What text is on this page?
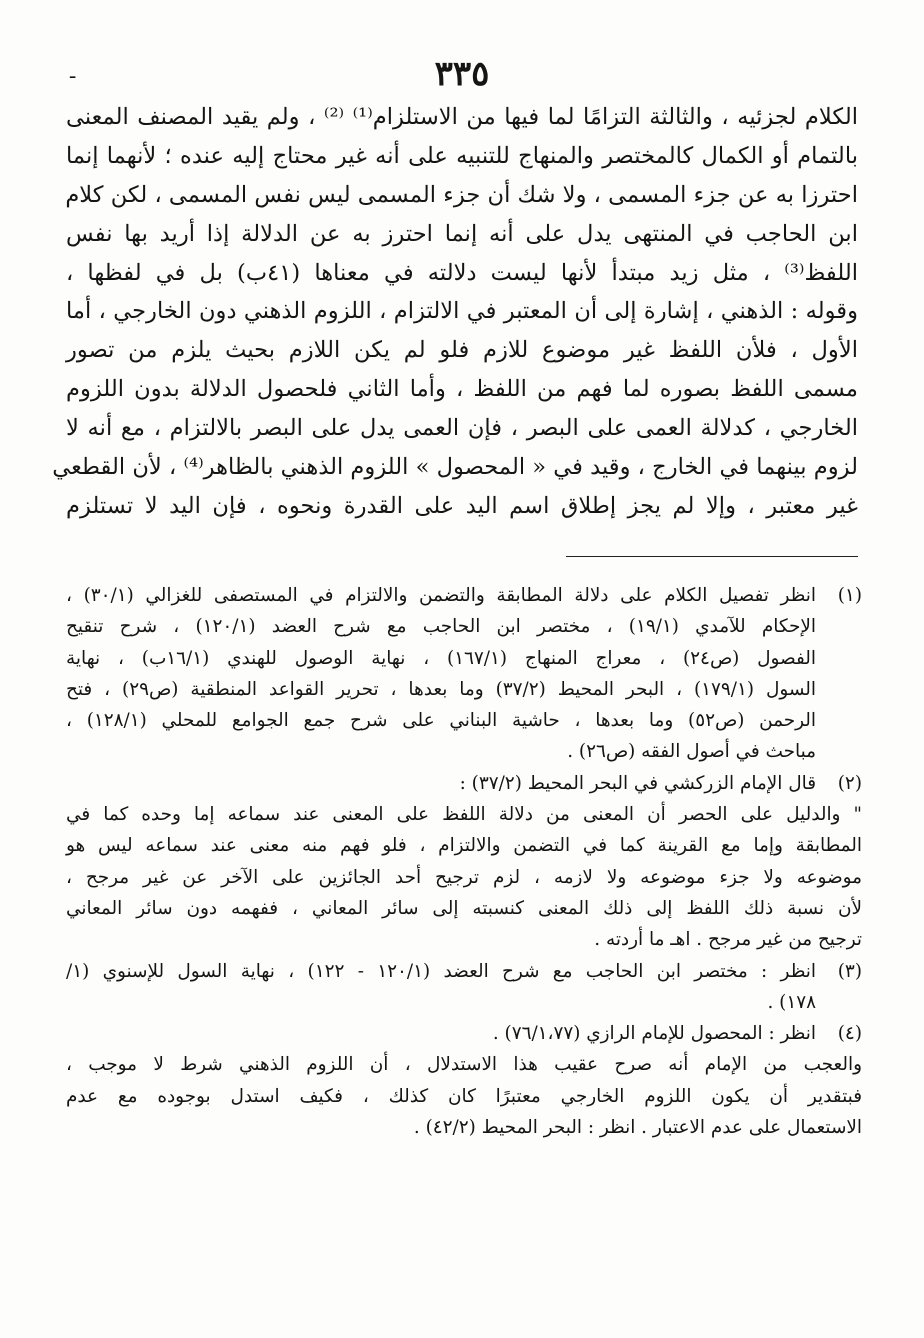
ـ	٣٣٥
الكلام لجزئيه ، والثالثة التزامًا لما فيها من الاستلزام⁽¹⁾ ⁽²⁾ ، ولم يقيد المصنف المعنى
بالتمام أو الكمال كالمختصر والمنهاج للتنبيه على أنه غير محتاج إليه عنده ؛ لأنهما إنما
احترزا به عن جزء المسمى ، ولا شك أن جزء المسمى ليس نفس المسمى ، لكن كلام
ابن الحاجب في المنتهى يدل على أنه إنما احترز به عن الدلالة إذا أريد بها نفس
اللفظ⁽³⁾ ، مثل زيد مبتدأ لأنها ليست دلالته في معناها (٤١ب) بل في لفظها ،
وقوله : الذهني ، إشارة إلى أن المعتبر في الالتزام ، اللزوم الذهني دون الخارجي ، أما
الأول ، فلأن اللفظ غير موضوع للازم فلو لم يكن اللازم بحيث يلزم من تصور
مسمى اللفظ بصوره لما فهم من اللفظ ، وأما الثاني فلحصول الدلالة بدون اللزوم
الخارجي ، كدلالة العمى على البصر ، فإن العمى يدل على البصر بالالتزام ، مع أنه لا
لزوم بينهما في الخارج ، وقيد في « المحصول » اللزوم الذهني بالظاهر⁽⁴⁾ ، لأن القطعي
غير معتبر ، وإلا لم يجز إطلاق اسم اليد على القدرة ونحوه ، فإن اليد لا تستلزم
(١)
انظر تفصيل الكلام على دلالة المطابقة والتضمن والالتزام في المستصفى للغزالي (٣٠/١) ،
الإحكام للآمدي (١٩/١) ، مختصر ابن الحاجب مع شرح العضد (١٢٠/١) ، شرح تنقيح
الفصول (ص٢٤) ، معراج المنهاج (١٦٧/١) ، نهاية الوصول للهندي (١٦/١ب) ، نهاية
السول (١٧٩/١) ، البحر المحيط (٣٧/٢) وما بعدها ، تحرير القواعد المنطقية (ص٢٩) ، فتح
الرحمن (ص٥٢) وما بعدها ، حاشية البناني على شرح جمع الجوامع للمحلي (١٢٨/١) ،
مباحث في أصول الفقه (ص٢٦) .
(٢)
قال الإمام الزركشي في البحر المحيط (٣٧/٢) :
" والدليل على الحصر أن المعنى من دلالة اللفظ على المعنى عند سماعه إما وحده كما في
المطابقة وإما مع القرينة كما في التضمن والالتزام ، فلو فهم منه معنى عند سماعه ليس هو
موضوعه ولا جزء موضوعه ولا لازمه ، لزم ترجيح أحد الجائزين على الآخر عن غير مرجح ،
لأن نسبة ذلك اللفظ إلى ذلك المعنى كنسبته إلى سائر المعاني ، ففهمه دون سائر المعاني
ترجيح من غير مرجح . اهـ ما أردته .
(٣)
انظر : مختصر ابن الحاجب مع شرح العضد (١٢٠/١ - ١٢٢) ، نهاية السول للإسنوي (١/
١٧٨) .
(٤)
انظر : المحصول للإمام الرازي (٧٦/١،٧٧) .
والعجب من الإمام أنه صرح عقيب هذا الاستدلال ، أن اللزوم الذهني شرط لا موجب ،
فبتقدير أن يكون اللزوم الخارجي معتبرًا كان كذلك ، فكيف استدل بوجوده مع عدم
الاستعمال على عدم الاعتبار . انظر : البحر المحيط (٤٢/٢) .
